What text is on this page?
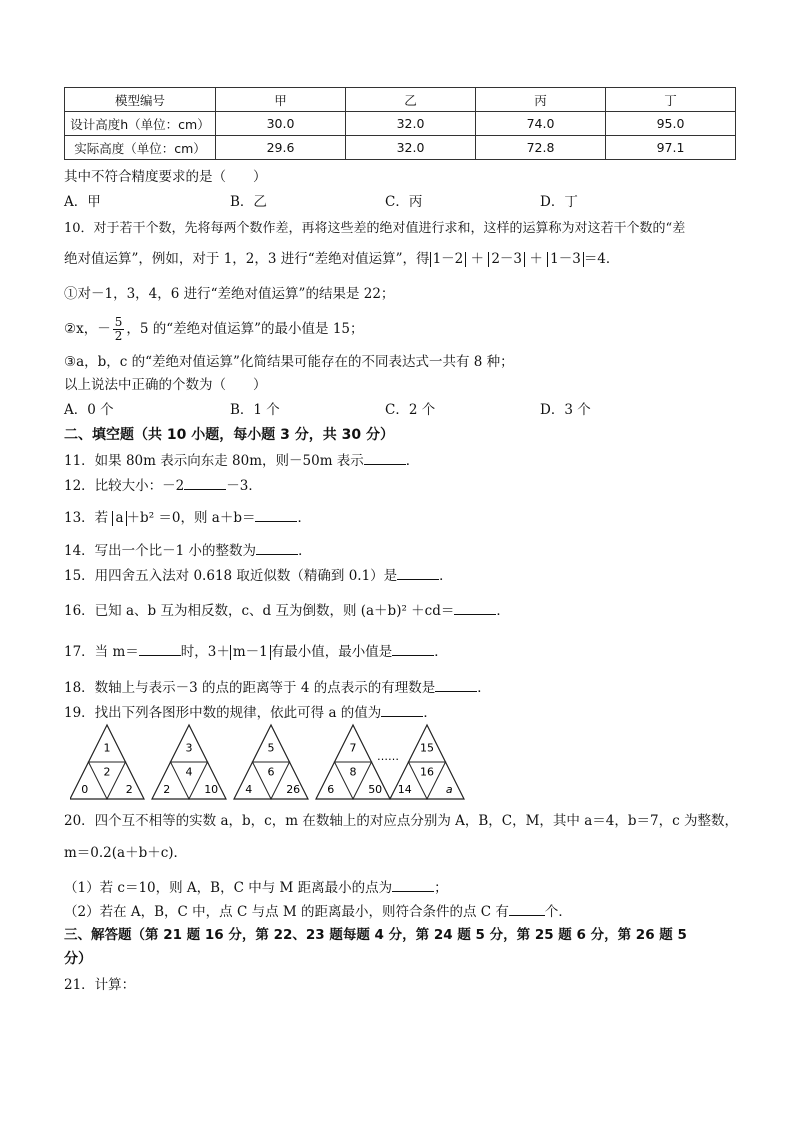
模型编号	甲	乙	丙	丁
设计高度h（单位：cm）	30.0	32.0	74.0	95.0
实际高度（单位：cm）	29.6	32.0	72.8	97.1
其中不符合精度要求的是（　　）
A．甲	B．乙	C．丙	D．丁
10．对于若干个数，先将每两个数作差，再将这些差的绝对值进行求和，这样的运算称为对这若干个数的“差
绝对值运算”，例如，对于 1，2，3 进行“差绝对值运算”，得 1－2 ＋ 2－3 ＋ 1－3 ＝4．
①对－1，3，4，6 进行“差绝对值运算”的结果是 22；
②x，－ $\frac{5}{2}$ ，5 的“差绝对值运算”的最小值是 15；
③a，b，c 的“差绝对值运算”化简结果可能存在的不同表达式一共有 8 种；
以上说法中正确的个数为（　　）
A．0 个	B．1 个	C．2 个	D．3 个
二、填空题（共 10 小题，每小题 3 分，共 30 分）
11．如果 80m 表示向东走 80m，则－50m 表示	．
12．比较大小：－2	－3．
13．若 a ＋b² ＝0，则 a＋b＝	．
14．写出一个比－1 小的整数为	．
15．用四舍五入法对 0.618 取近似数（精确到 0.1）是	．
16．已知 a、b 互为相反数，c、d 互为倒数，则 (a＋b)² ＋cd＝	．
17．当 m＝	时，3＋ m－1 有最小值，最小值是	．
18．数轴上与表示－3 的点的距离等于 4 的点表示的有理数是	．
19．找出下列各图形中数的规律，依此可得 a 的值为	．
……
1
2
0	2
3
4
2	10
5
6
4	26
7
8
6	50
15
16
14	a
20．四个互不相等的实数 a，b，c，m 在数轴上的对应点分别为 A，B，C，M，其中 a＝4，b＝7，c 为整数，
m＝0.2(a＋b＋c)．
（1）若 c＝10，则 A，B，C 中与 M 距离最小的点为	；
（2）若在 A，B，C 中，点 C 与点 M 的距离最小，则符合条件的点 C 有	个．
三、解答题（第 21 题 16 分，第 22、23 题每题 4 分，第 24 题 5 分，第 25 题 6 分，第 26 题 5
分）
21．计算：
